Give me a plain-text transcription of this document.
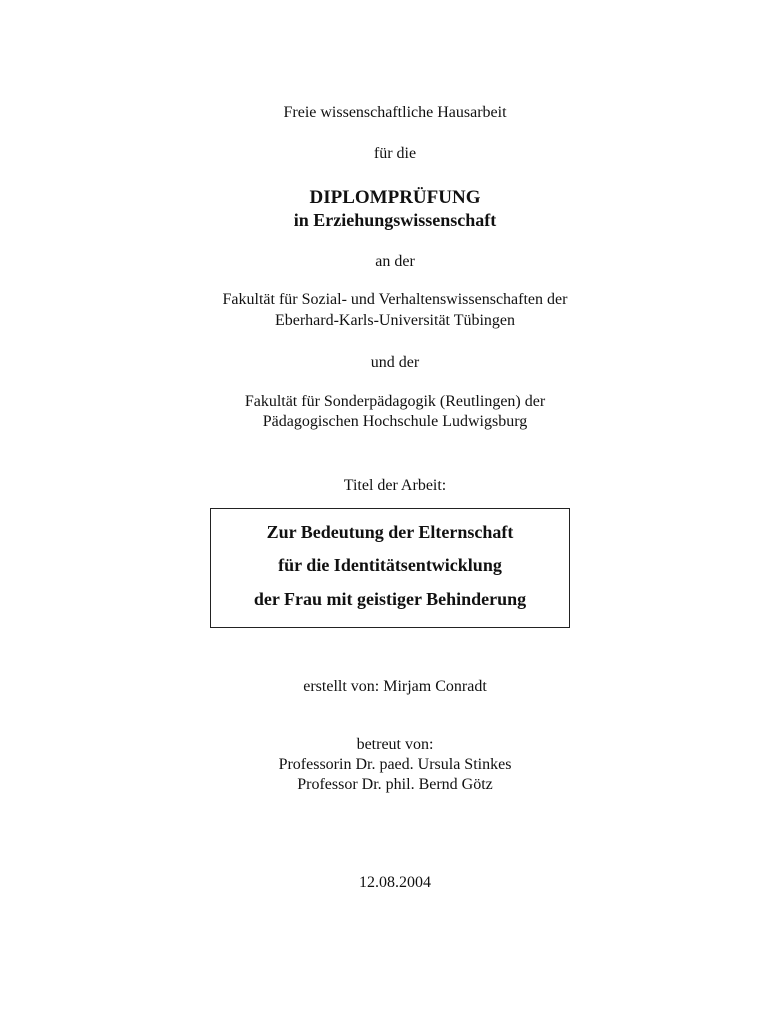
Freie wissenschaftliche Hausarbeit
für die
DIPLOMPRÜFUNG
in Erziehungswissenschaft
an der
Fakultät für Sozial- und Verhaltenswissenschaften der
Eberhard-Karls-Universität Tübingen
und der
Fakultät für Sonderpädagogik (Reutlingen) der
Pädagogischen Hochschule Ludwigsburg
Titel der Arbeit:
Zur Bedeutung der Elternschaft
für die Identitätsentwicklung
der Frau mit geistiger Behinderung
erstellt von: Mirjam Conradt
betreut von:
Professorin Dr. paed. Ursula Stinkes
Professor Dr. phil. Bernd Götz
12.08.2004
